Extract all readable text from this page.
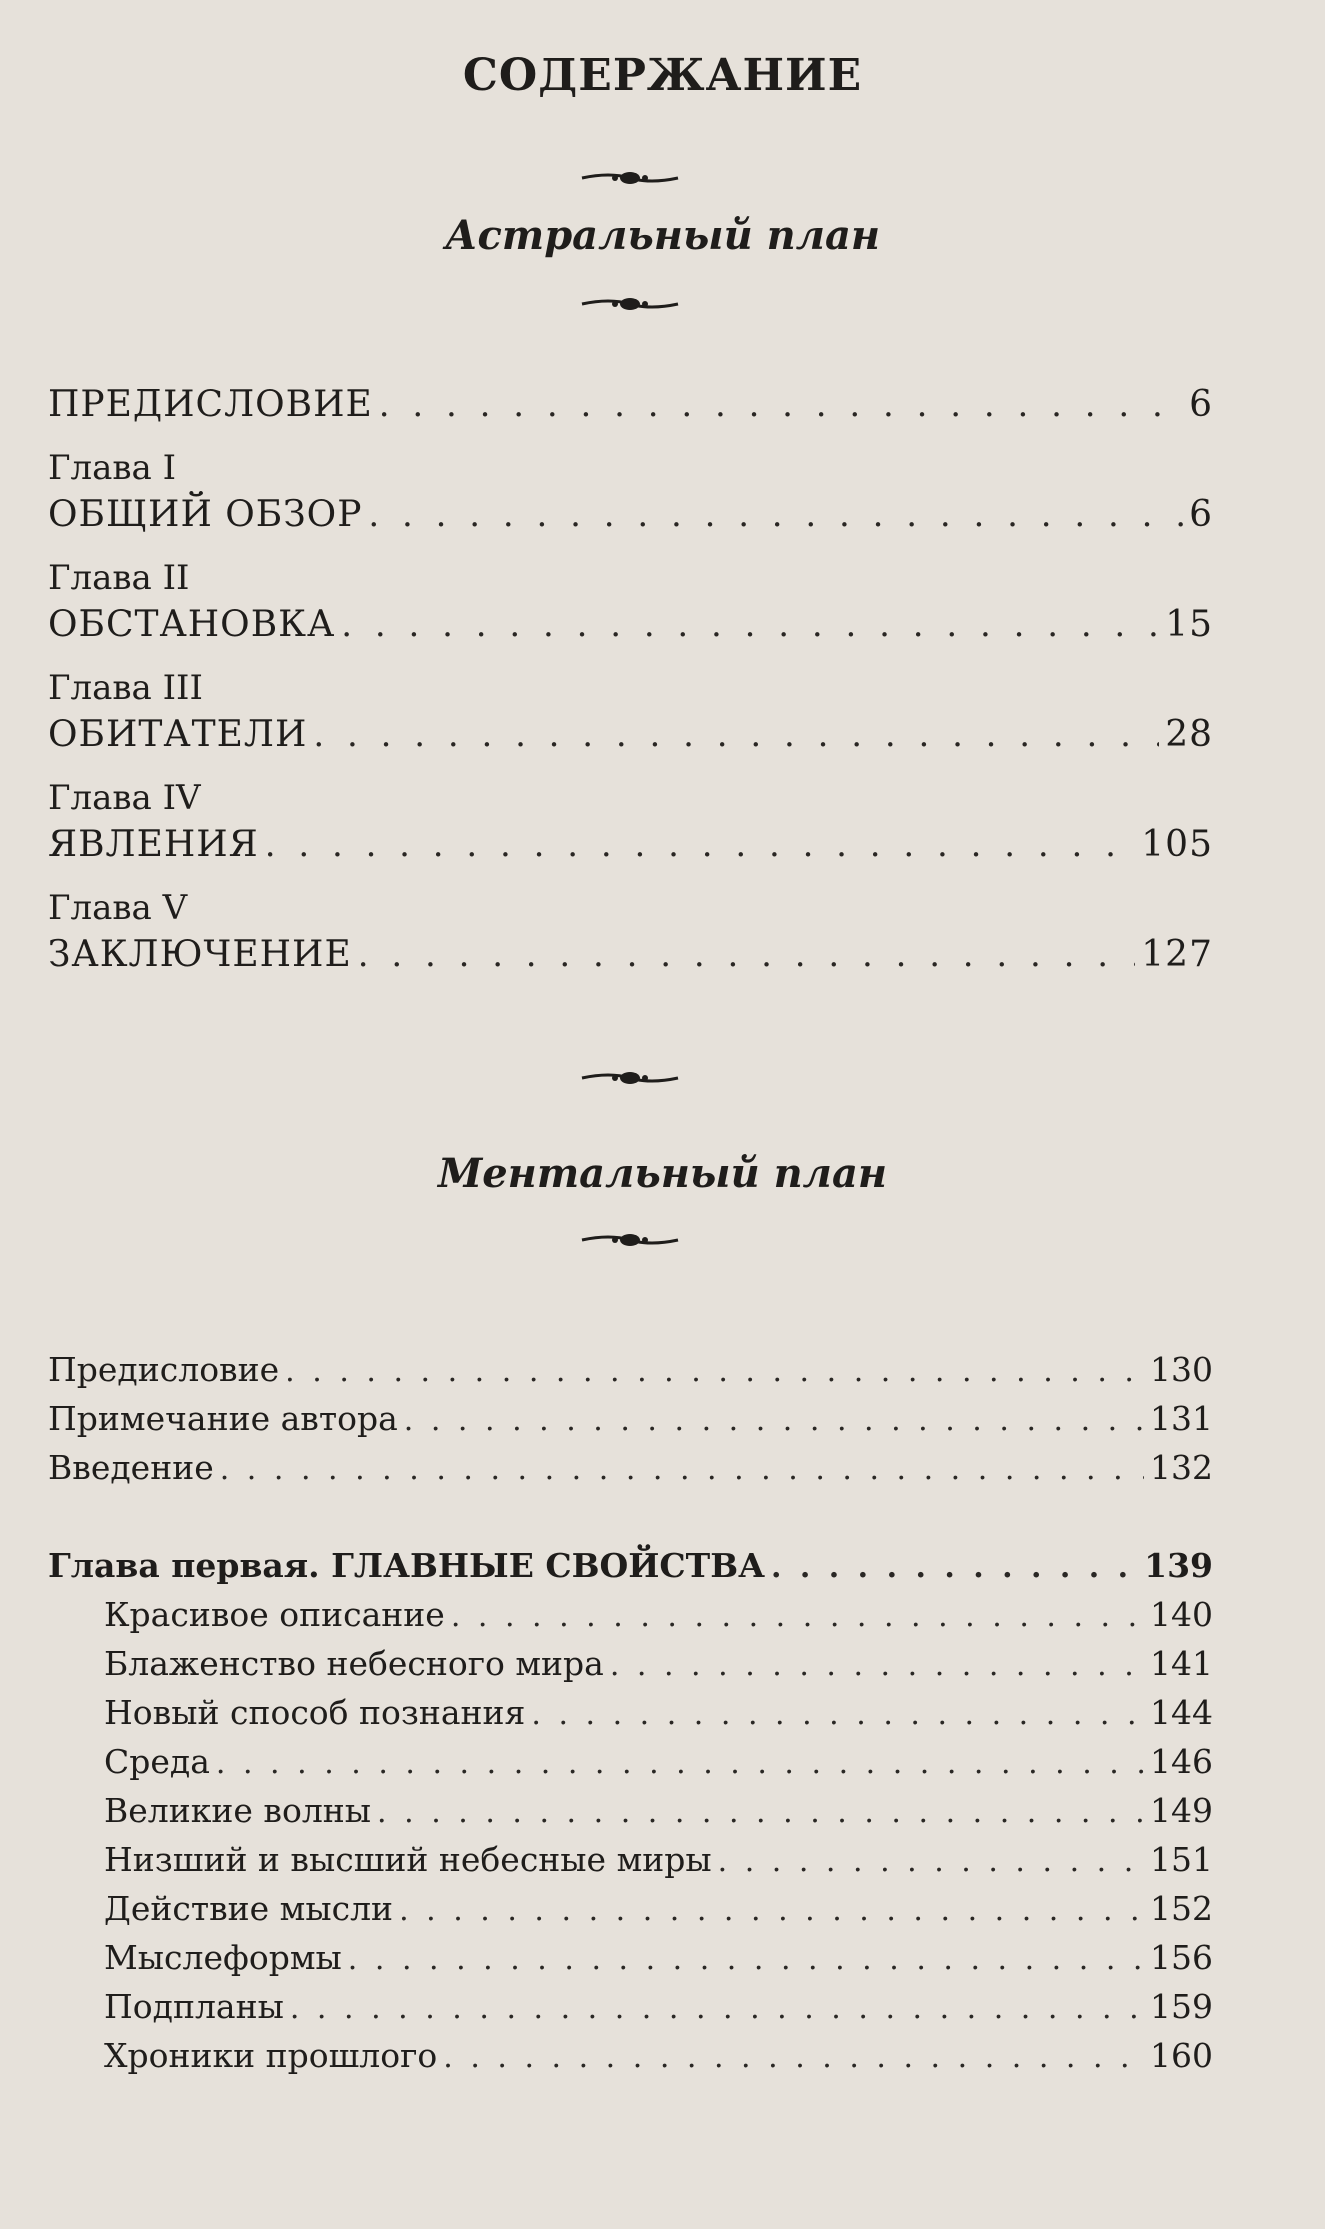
СОДЕРЖАНИЕ
Астральный план
ПРЕДИСЛОВИЕ . . .	6
Глава I
ОБЩИЙ ОБЗОР . . .	6
Глава II
ОБСТАНОВКА . . .	15
Глава III
ОБИТАТЕЛИ . . .	28
Глава IV
ЯВЛЕНИЯ . . .	105
Глава V
ЗАКЛЮЧЕНИЕ . . .	127
Ментальный план
Предисловие . . .	130
Примечание автора . . .	131
Введение . . .	132
Глава первая. ГЛАВНЫЕ СВОЙСТВА . . .	139
Красивое описание . . .	140
Блаженство небесного мира . . .	141
Новый способ познания . . .	144
Среда . . .	146
Великие волны . . .	149
Низший и высший небесные миры . . .	151
Действие мысли . . .	152
Мыслеформы . . .	156
Подпланы . . .	159
Хроники прошлого . . .	160
